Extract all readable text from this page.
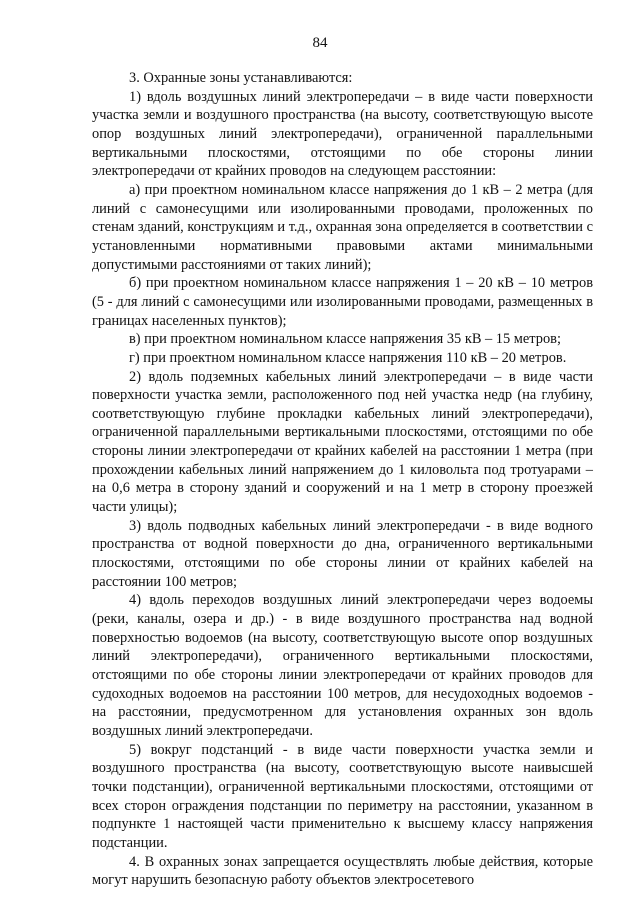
84

3. Охранные зоны устанавливаются:

1) вдоль воздушных линий электропередачи – в виде части поверхности участка земли и воздушного пространства (на высоту, соответствующую высоте опор воздушных линий электропередачи), ограниченной параллельными вертикальными плоскостями, отстоящими по обе стороны линии электропередачи от крайних проводов на следующем расстоянии:

а) при проектном номинальном классе напряжения до 1 кВ – 2 метра (для линий с самонесущими или изолированными проводами, проложенных по стенам зданий, конструкциям и т.д., охранная зона определяется в соответствии с установленными нормативными правовыми актами минимальными допустимыми расстояниями от таких линий);

б) при проектном номинальном классе напряжения 1 – 20 кВ – 10 метров (5 - для линий с самонесущими или изолированными проводами, размещенных в границах населенных пунктов);

в) при проектном номинальном классе напряжения 35 кВ – 15 метров;

г) при проектном номинальном классе напряжения 110 кВ – 20 метров.

2) вдоль подземных кабельных линий электропередачи – в виде части поверхности участка земли, расположенного под ней участка недр (на глубину, соответствующую глубине прокладки кабельных линий электропередачи), ограниченной параллельными вертикальными плоскостями, отстоящими по обе стороны линии электропередачи от крайних кабелей на расстоянии 1 метра (при прохождении кабельных линий напряжением до 1 киловольта под тротуарами – на 0,6 метра в сторону зданий и сооружений и на 1 метр в сторону проезжей части улицы);

3) вдоль подводных кабельных линий электропередачи - в виде водного пространства от водной поверхности до дна, ограниченного вертикальными плоскостями, отстоящими по обе стороны линии от крайних кабелей на расстоянии 100 метров;

4) вдоль переходов воздушных линий электропередачи через водоемы (реки, каналы, озера и др.) - в виде воздушного пространства над водной поверхностью водоемов (на высоту, соответствующую высоте опор воздушных линий электропередачи), ограниченного вертикальными плоскостями, отстоящими по обе стороны линии электропередачи от крайних проводов для судоходных водоемов на расстоянии 100 метров, для несудоходных водоемов - на расстоянии, предусмотренном для установления охранных зон вдоль воздушных линий электропередачи.

5) вокруг подстанций - в виде части поверхности участка земли и воздушного пространства (на высоту, соответствующую высоте наивысшей точки подстанции), ограниченной вертикальными плоскостями, отстоящими от всех сторон ограждения подстанции по периметру на расстоянии, указанном в подпункте 1 настоящей части применительно к высшему классу напряжения подстанции.

4. В охранных зонах запрещается осуществлять любые действия, которые могут нарушить безопасную работу объектов электросетевого
